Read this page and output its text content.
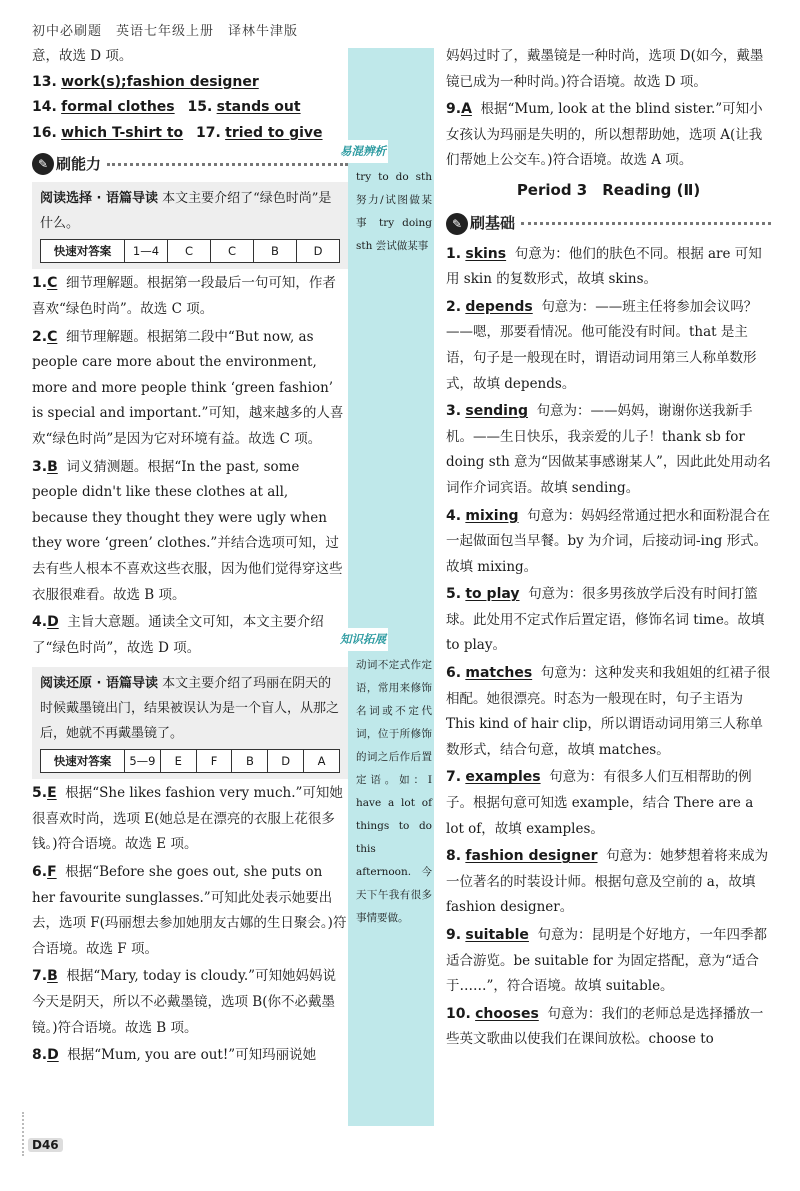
初中必刷题　英语七年级上册　译林牛津版

意，故选 D 项。

13. work(s);fashion designer

14. formal clothes 15. stands out

16. which T-shirt to 17. tried to give

✎ 刷能力
阅读选择 · 语篇导读 本文主要介绍了“绿色时尚”是什么。
快速对答案	1—4	C	C	B	D
1.C 细节理解题。根据第一段最后一句可知，作者喜欢“绿色时尚”。故选 C 项。
2.C 细节理解题。根据第二段中“But now, as people care more about the environment, more and more people think ‘green fashion’ is special and important.”可知，越来越多的人喜欢“绿色时尚”是因为它对环境有益。故选 C 项。
3.B 词义猜测题。根据“In the past, some people didn't like these clothes at all, because they thought they were ugly when they wore ‘green’ clothes.”并结合选项可知，过去有些人根本不喜欢这些衣服，因为他们觉得穿这些衣服很难看。故选 B 项。
4.D 主旨大意题。通读全文可知，本文主要介绍了“绿色时尚”，故选 D 项。
阅读还原 · 语篇导读 本文主要介绍了玛丽在阴天的时候戴墨镜出门，结果被误认为是一个盲人，从那之后，她就不再戴墨镜了。
快速对答案	5—9	E	F	B	D	A
5.E 根据“She likes fashion very much.”可知她很喜欢时尚，选项 E(她总是在漂亮的衣服上花很多钱。)符合语境。故选 E 项。
6.F 根据“Before she goes out, she puts on her favourite sunglasses.”可知此处表示她要出去，选项 F(玛丽想去参加她朋友古娜的生日聚会。)符合语境。故选 F 项。
7.B 根据“Mary, today is cloudy.”可知她妈妈说今天是阴天，所以不必戴墨镜，选项 B(你不必戴墨镜。)符合语境。故选 B 项。
8.D 根据“Mum, you are out!”可知玛丽说她
易混辨析
try to do sth 努力/试图做某事 try doing sth 尝试做某事
知识拓展
动词不定式作定语，常用来修饰名词或不定代词，位于所修饰的词之后作后置定语。如：I have a lot of things to do this afternoon. 今天下午我有很多事情要做。

妈妈过时了，戴墨镜是一种时尚，选项 D(如今，戴墨镜已成为一种时尚。)符合语境。故选 D 项。

9.A 根据“Mum, look at the blind sister.”可知小女孩认为玛丽是失明的，所以想帮助她，选项 A(让我们帮她上公交车。)符合语境。故选 A 项。
Period 3　Reading (Ⅱ)
✎ 刷基础
1. skins 句意为：他们的肤色不同。根据 are 可知用 skin 的复数形式，故填 skins。
2. depends 句意为：——班主任将参加会议吗？——嗯，那要看情况。他可能没有时间。that 是主语，句子是一般现在时，谓语动词用第三人称单数形式，故填 depends。
3. sending 句意为：——妈妈，谢谢你送我新手机。——生日快乐，我亲爱的儿子！thank sb for doing sth 意为“因做某事感谢某人”，因此此处用动名词作介词宾语。故填 sending。
4. mixing 句意为：妈妈经常通过把水和面粉混合在一起做面包当早餐。by 为介词，后接动词-ing 形式。故填 mixing。
5. to play 句意为：很多男孩放学后没有时间打篮球。此处用不定式作后置定语，修饰名词 time。故填 to play。
6. matches 句意为：这种发夹和我姐姐的红裙子很相配。她很漂亮。时态为一般现在时，句子主语为 This kind of hair clip，所以谓语动词用第三人称单数形式，结合句意，故填 matches。
7. examples 句意为：有很多人们互相帮助的例子。根据句意可知选 example，结合 There are a lot of，故填 examples。
8. fashion designer 句意为：她梦想着将来成为一位著名的时装设计师。根据句意及空前的 a，故填 fashion designer。
9. suitable 句意为：昆明是个好地方，一年四季都适合游览。be suitable for 为固定搭配，意为“适合于……”，符合语境。故填 suitable。
10. chooses 句意为：我们的老师总是选择播放一些英文歌曲以使我们在课间放松。choose to
D46
